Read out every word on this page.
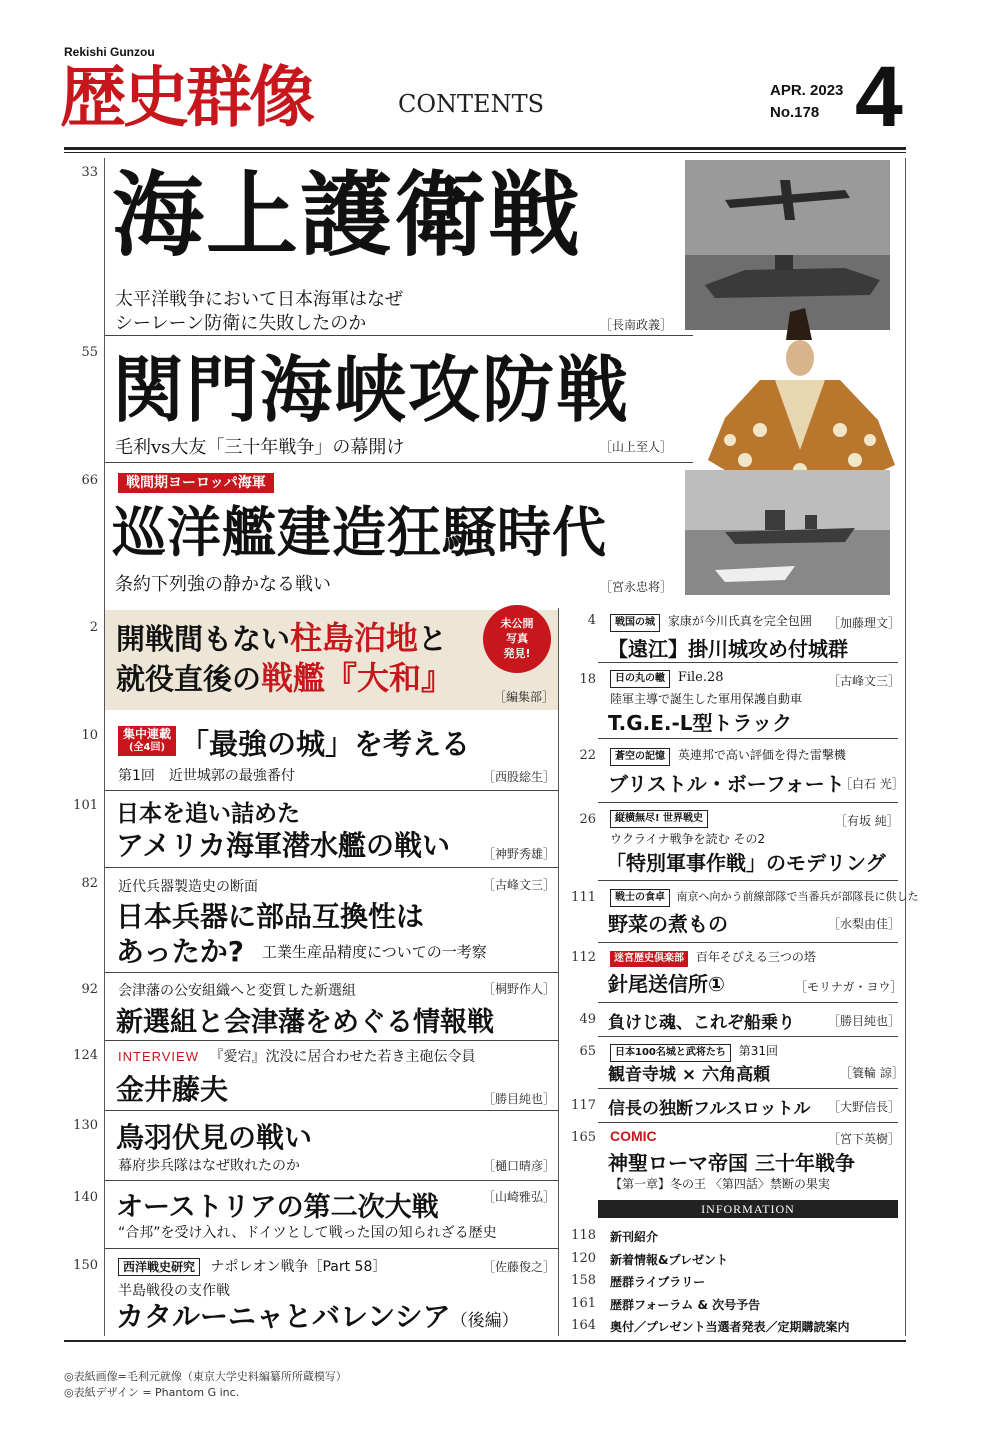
Rekishi Gunzou
歴史群像	CONTENTS	APR. 2023
No.178 4
33 海上護衛戦
太平洋戦争において日本海軍はなぜ
シーレーン防衛に失敗したのか	［長南政義］
55 関門海峡攻防戦
毛利vs大友「三十年戦争」の幕開け	［山上至人］
66	戦間期ヨーロッパ海軍
巡洋艦建造狂騒時代
条約下列強の静かなる戦い	［宮永忠将］
2 開戦間もない柱島泊地と
就役直後の戦艦『大和』
未公開
写真
発見!
［編集部］
10 集中連載
(全4回) 「最強の城」を考える
第1回　近世城郭の最強番付	［西股総生］
101 日本を追い詰めた
アメリカ海軍潜水艦の戦い	［神野秀雄］
82 近代兵器製造史の断面	［古峰文三］
日本兵器に部品互換性は
あったか? 工業生産品精度についての一考察
92 会津藩の公安組織へと変質した新選組	［桐野作人］
新選組と会津藩をめぐる情報戦
124 INTERVIEW 『愛宕』沈没に居合わせた若き主砲伝令員
金井藤夫	［勝目純也］
130 鳥羽伏見の戦い
幕府歩兵隊はなぜ敗れたのか	［樋口晴彦］
140 オーストリアの第二次大戦	［山崎雅弘］
“合邦”を受け入れ、ドイツとして戦った国の知られざる歴史
150	西洋戦史研究 ナポレオン戦争［Part 58］	［佐藤俊之］
半島戦役の支作戦
カタルーニャとバレンシア（後編）
4	戦国の城 家康が今川氏真を完全包囲 ［加藤理文］
【遠江】掛川城攻め付城群
18	日の丸の轍 File.28	［古峰文三］
陸軍主導で誕生した軍用保護自動車
T.G.E.-L型トラック
22	蒼空の記憶 英連邦で高い評価を得た雷撃機
ブリストル・ボーフォート
［白石 光］
26	縦横無尽! 世界戦史	［有坂 純］
ウクライナ戦争を読む その2
「特別軍事作戦」のモデリング
111	戦士の食卓 南京へ向かう前線部隊で当番兵が部隊長に供した
野菜の煮もの	［水梨由佳］
112	迷宮歴史倶楽部 百年そびえる三つの塔
針尾送信所①	［モリナガ・ヨウ］
49 負けじ魂、これぞ船乗り	［勝目純也］
65	日本100名城と武将たち 第31回
観音寺城 × 六角高頼	［簑輪 諒］
117 信長の独断フルスロットル ［大野信長］
165 COMIC	［宮下英樹］
神聖ローマ帝国 三十年戦争
【第一章】冬の王 〈第四話〉禁断の果実
INFORMATION
118 新刊紹介
120 新着情報&プレゼント
158 歴群ライブラリー
161 歴群フォーラム & 次号予告
164 奥付／プレゼント当選者発表／定期購読案内
◎表紙画像=毛利元就像（東京大学史料編纂所所蔵模写）
◎表紙デザイン = Phantom G inc.
